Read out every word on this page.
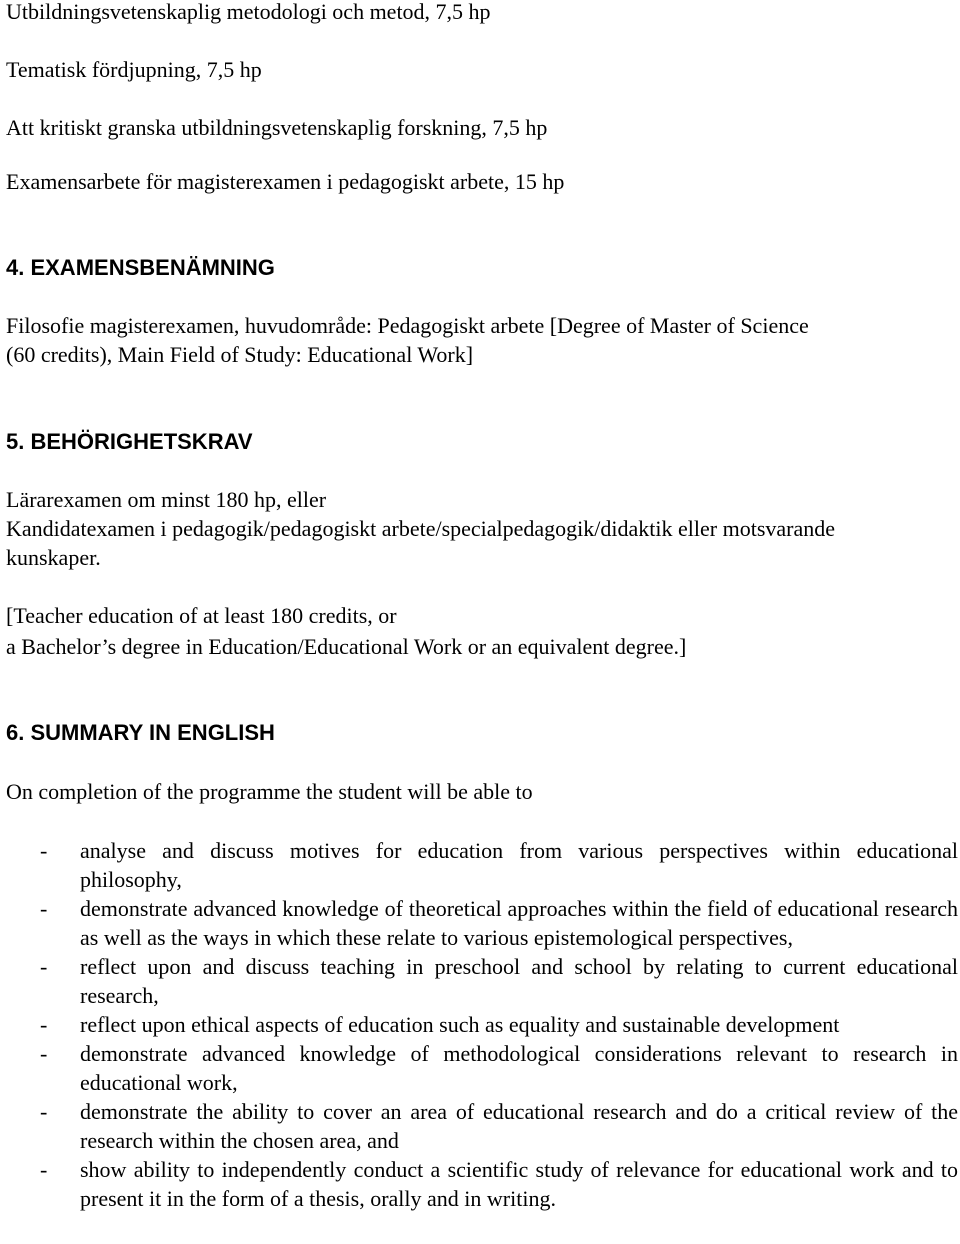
Utbildningsvetenskaplig metodologi och metod, 7,5 hp
Tematisk fördjupning, 7,5 hp
Att kritiskt granska utbildningsvetenskaplig forskning, 7,5 hp
Examensarbete för magisterexamen i pedagogiskt arbete, 15 hp
4. EXAMENSBENÄMNING
Filosofie magisterexamen, huvudområde: Pedagogiskt arbete [Degree of Master of Science
(60 credits), Main Field of Study: Educational Work]
5. BEHÖRIGHETSKRAV
Lärarexamen om minst 180 hp, eller
Kandidatexamen i pedagogik/pedagogiskt arbete/specialpedagogik/didaktik eller motsvarande
kunskaper.
[Teacher education of at least 180 credits, or
a Bachelor’s degree in Education/Educational Work or an equivalent degree.]
6. SUMMARY IN ENGLISH
On completion of the programme the student will be able to
- analyse and discuss motives for education from various perspectives within educational philosophy,
- demonstrate advanced knowledge of theoretical approaches within the field of educational research as well as the ways in which these relate to various epistemological perspectives,
- reflect upon and discuss teaching in preschool and school by relating to current educational research,
- reflect upon ethical aspects of education such as equality and sustainable development
- demonstrate advanced knowledge of methodological considerations relevant to research in educational work,
- demonstrate the ability to cover an area of educational research and do a critical review of the research within the chosen area, and
- show ability to independently conduct a scientific study of relevance for educational work and to present it in the form of a thesis, orally and in writing.
